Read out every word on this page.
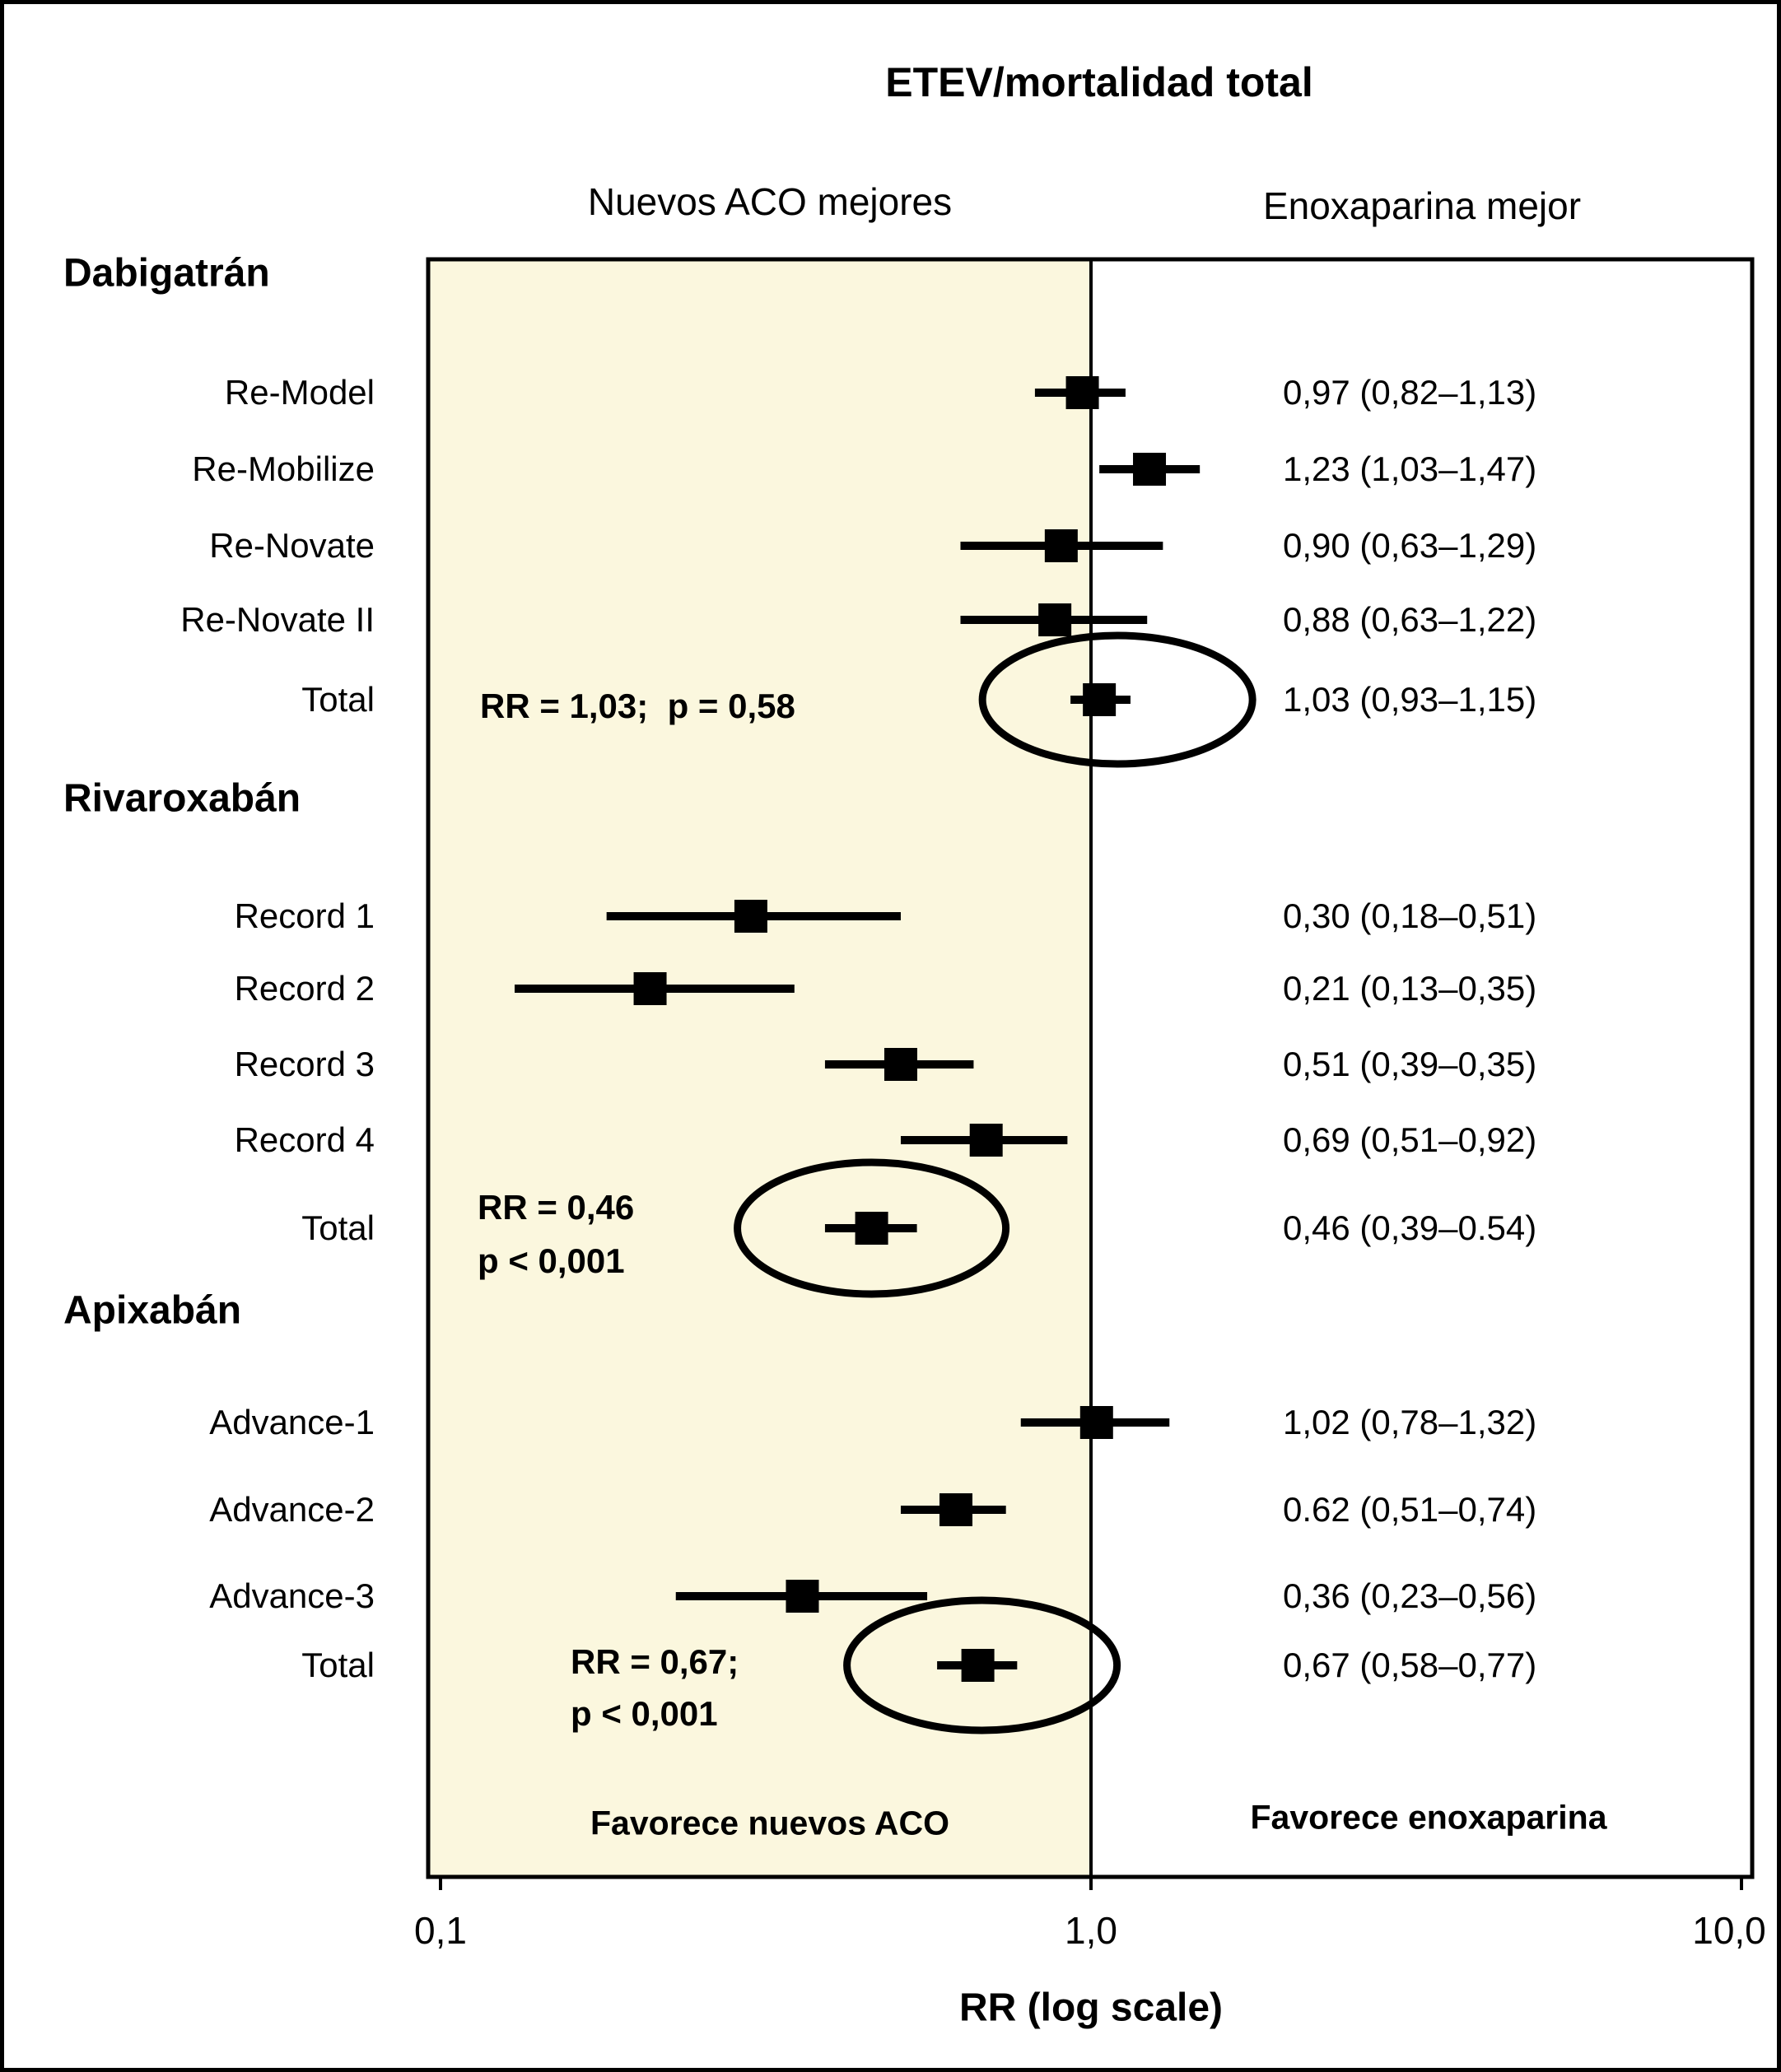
ETEV/mortalidad total
Nuevos ACO mejores	Enoxaparina mejor
Dabigatrán
Re-Model	0,97 (0,82–1,13)
Re-Mobilize	1,23 (1,03–1,47)
Re-Novate	0,90 (0,63–1,29)
Re-Novate II	0,88 (0,63–1,22)
Total	1,03 (0,93–1,15)
RR = 1,03;  p = 0,58
Rivaroxabán
Record 1	0,30 (0,18–0,51)
Record 2	0,21 (0,13–0,35)
Record 3	0,51 (0,39–0,35)
Record 4	0,69 (0,51–0,92)
Total	0,46 (0,39–0.54)
RR = 0,46
p < 0,001
Apixabán
Advance-1	1,02 (0,78–1,32)
Advance-2	0.62 (0,51–0,74)
Advance-3	0,36 (0,23–0,56)
Total	0,67 (0,58–0,77)
RR = 0,67;
p < 0,001
Favorece nuevos ACO	Favorece enoxaparina
0,1	1,0	10,0
RR (log scale)
